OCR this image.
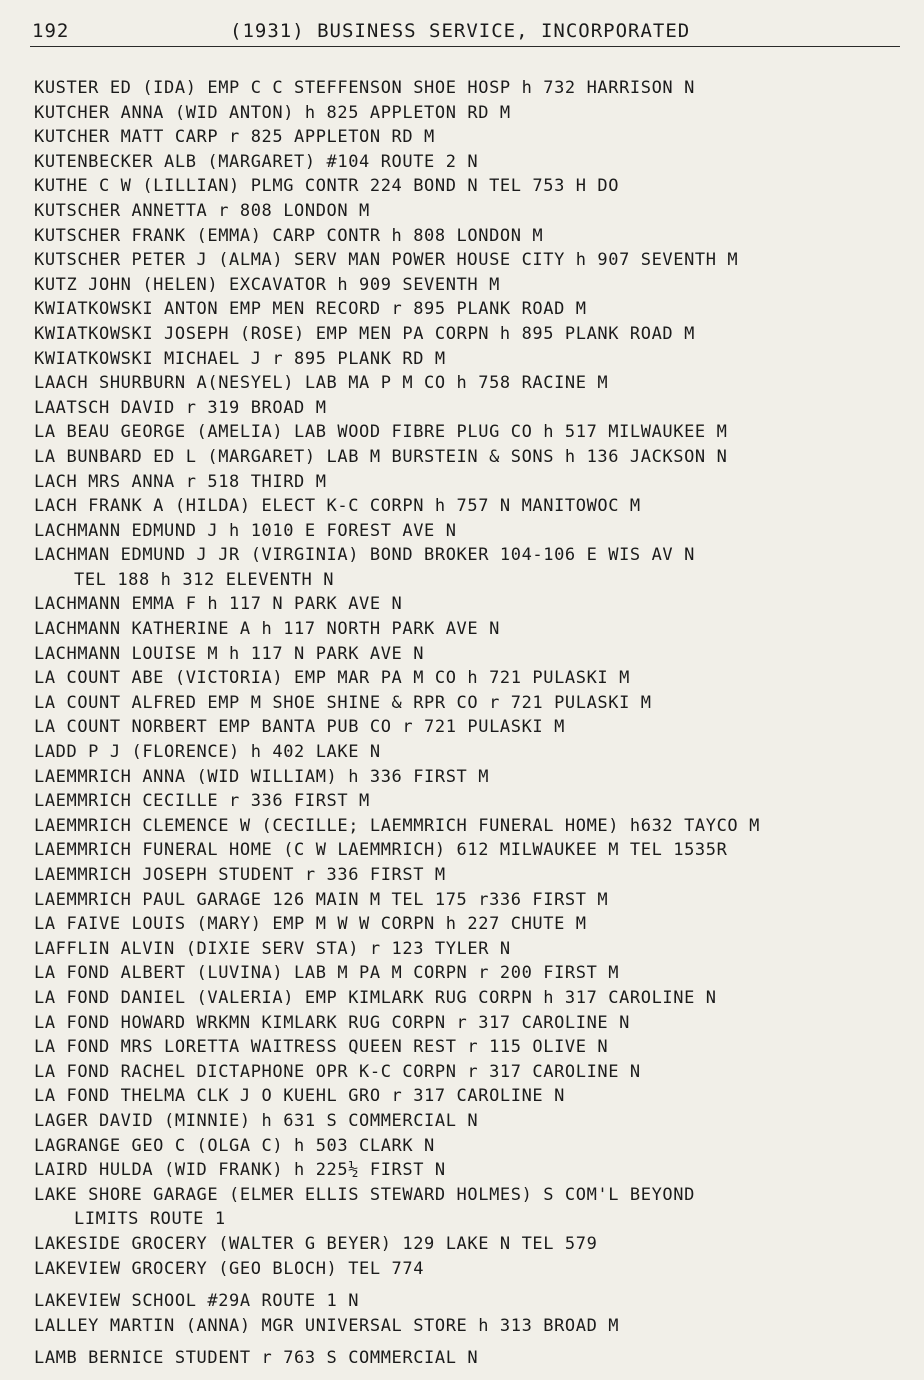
192	(1931) BUSINESS SERVICE, INCORPORATED
KUSTER ED (IDA) EMP C C STEFFENSON SHOE HOSP h 732 HARRISON N
KUTCHER ANNA (WID ANTON) h 825 APPLETON RD M
KUTCHER MATT CARP r 825 APPLETON RD M
KUTENBECKER ALB (MARGARET) #104 ROUTE 2 N
KUTHE C W (LILLIAN) PLMG CONTR 224 BOND N TEL 753 H DO
KUTSCHER ANNETTA r 808 LONDON M
KUTSCHER FRANK (EMMA) CARP CONTR h 808 LONDON M
KUTSCHER PETER J (ALMA) SERV MAN POWER HOUSE CITY h 907 SEVENTH M
KUTZ JOHN (HELEN) EXCAVATOR h 909 SEVENTH M
KWIATKOWSKI ANTON EMP MEN RECORD r 895 PLANK ROAD M
KWIATKOWSKI JOSEPH (ROSE) EMP MEN PA CORPN h 895 PLANK ROAD M
KWIATKOWSKI MICHAEL J r 895 PLANK RD M
LAACH SHURBURN A(NESYEL) LAB MA P M CO h 758 RACINE M
LAATSCH DAVID r 319 BROAD M
LA BEAU GEORGE (AMELIA) LAB WOOD FIBRE PLUG CO h 517 MILWAUKEE M
LA BUNBARD ED L (MARGARET) LAB M BURSTEIN & SONS h 136 JACKSON N
LACH MRS ANNA r 518 THIRD M
LACH FRANK A (HILDA) ELECT K-C CORPN h 757 N MANITOWOC M
LACHMANN EDMUND J h 1010 E FOREST AVE N
LACHMAN EDMUND J JR (VIRGINIA) BOND BROKER 104-106 E WIS AV N
TEL 188 h 312 ELEVENTH N
LACHMANN EMMA F h 117 N PARK AVE N
LACHMANN KATHERINE A h 117 NORTH PARK AVE N
LACHMANN LOUISE M h 117 N PARK AVE N
LA COUNT ABE (VICTORIA) EMP MAR PA M CO h 721 PULASKI M
LA COUNT ALFRED EMP M SHOE SHINE & RPR CO r 721 PULASKI M
LA COUNT NORBERT EMP BANTA PUB CO r 721 PULASKI M
LADD P J (FLORENCE) h 402 LAKE N
LAEMMRICH ANNA (WID WILLIAM) h 336 FIRST M
LAEMMRICH CECILLE r 336 FIRST M
LAEMMRICH CLEMENCE W (CECILLE; LAEMMRICH FUNERAL HOME) h632 TAYCO M
LAEMMRICH FUNERAL HOME (C W LAEMMRICH) 612 MILWAUKEE M TEL 1535R
LAEMMRICH JOSEPH STUDENT r 336 FIRST M
LAEMMRICH PAUL GARAGE 126 MAIN M TEL 175 r336 FIRST M
LA FAIVE LOUIS (MARY) EMP M W W CORPN h 227 CHUTE M
LAFFLIN ALVIN (DIXIE SERV STA) r 123 TYLER N
LA FOND ALBERT (LUVINA) LAB M PA M CORPN r 200 FIRST M
LA FOND DANIEL (VALERIA) EMP KIMLARK RUG CORPN h 317 CAROLINE N
LA FOND HOWARD WRKMN KIMLARK RUG CORPN r 317 CAROLINE N
LA FOND MRS LORETTA WAITRESS QUEEN REST r 115 OLIVE N
LA FOND RACHEL DICTAPHONE OPR K-C CORPN r 317 CAROLINE N
LA FOND THELMA CLK J O KUEHL GRO r 317 CAROLINE N
LAGER DAVID (MINNIE) h 631 S COMMERCIAL N
LAGRANGE GEO C (OLGA C) h 503 CLARK N
LAIRD HULDA (WID FRANK) h 225½ FIRST N
LAKE SHORE GARAGE (ELMER ELLIS STEWARD HOLMES) S COM'L BEYOND
LIMITS ROUTE 1
LAKESIDE GROCERY (WALTER G BEYER) 129 LAKE N TEL 579
LAKEVIEW GROCERY (GEO BLOCH) TEL 774
LAKEVIEW SCHOOL #29A ROUTE 1 N
LALLEY MARTIN (ANNA) MGR UNIVERSAL STORE h 313 BROAD M
LAMB BERNICE STUDENT r 763 S COMMERCIAL N
